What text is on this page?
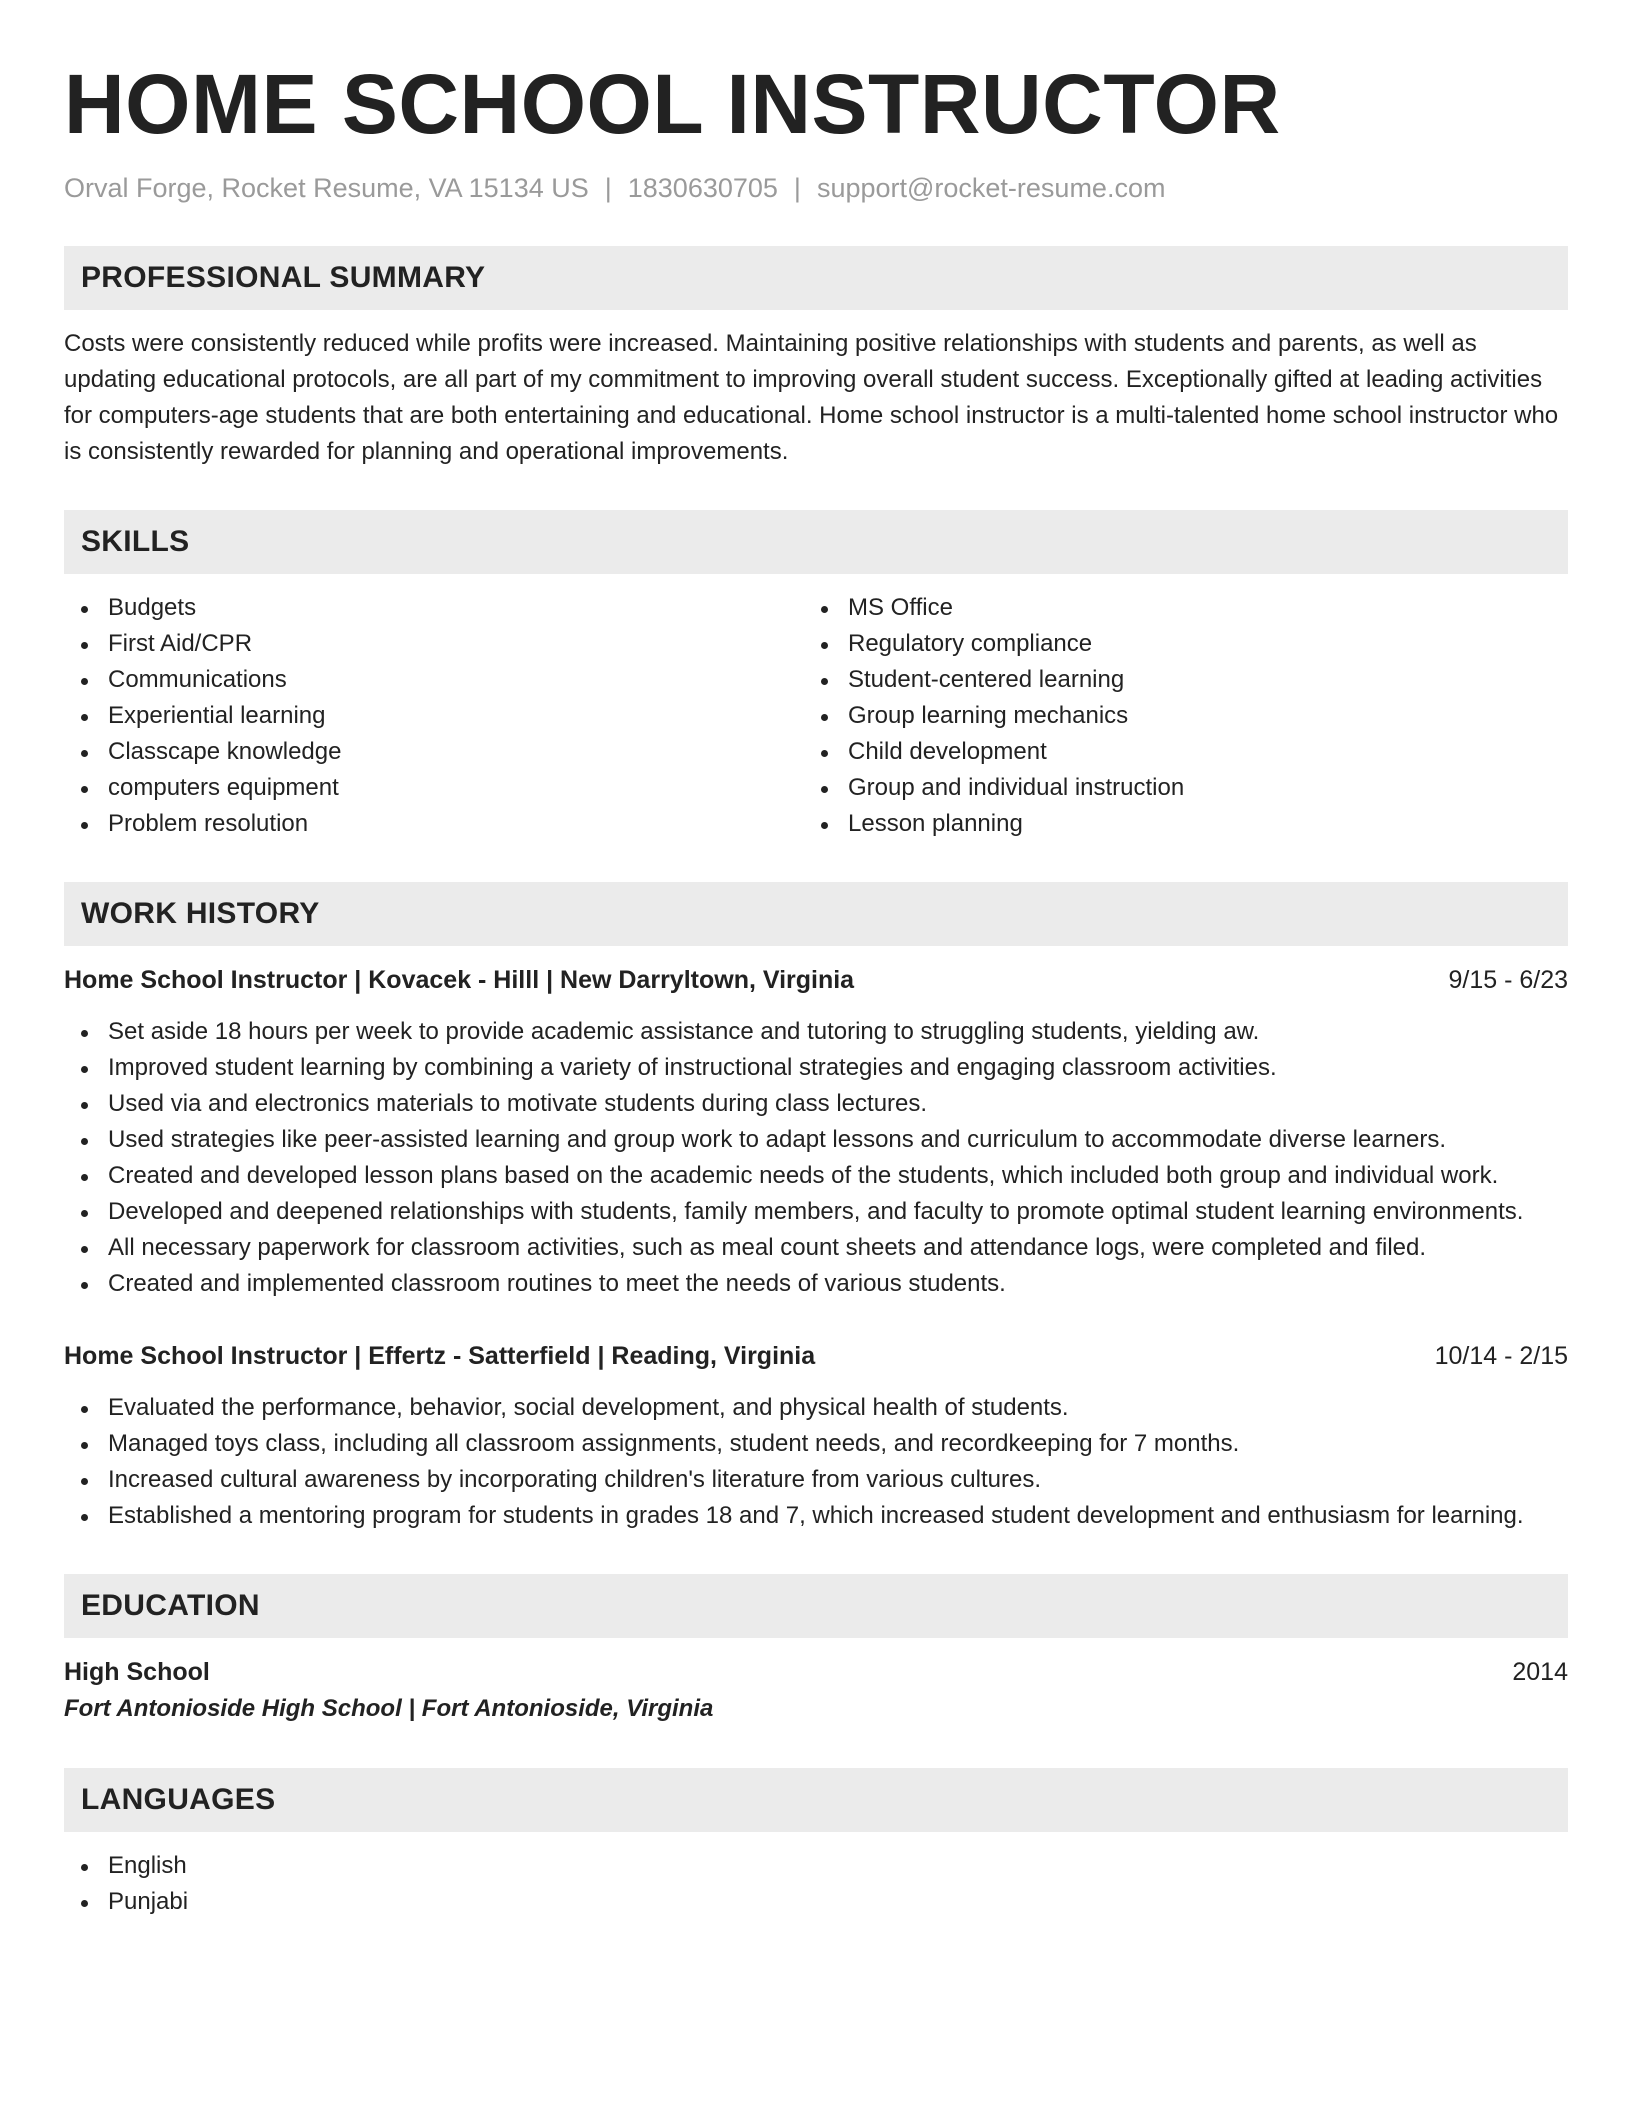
HOME SCHOOL INSTRUCTOR
Orval Forge, Rocket Resume, VA 15134 US | 1830630705 | support@rocket-resume.com
PROFESSIONAL SUMMARY
Costs were consistently reduced while profits were increased. Maintaining positive relationships with students and parents, as well as updating educational protocols, are all part of my commitment to improving overall student success. Exceptionally gifted at leading activities for computers-age students that are both entertaining and educational. Home school instructor is a multi-talented home school instructor who is consistently rewarded for planning and operational improvements.
SKILLS
Budgets
First Aid/CPR
Communications
Experiential learning
Classcape knowledge
computers equipment
Problem resolution
MS Office
Regulatory compliance
Student-centered learning
Group learning mechanics
Child development
Group and individual instruction
Lesson planning
WORK HISTORY
Home School Instructor | Kovacek - Hilll | New Darryltown, Virginia	9/15 - 6/23
Set aside 18 hours per week to provide academic assistance and tutoring to struggling students, yielding aw.
Improved student learning by combining a variety of instructional strategies and engaging classroom activities.
Used via and electronics materials to motivate students during class lectures.
Used strategies like peer-assisted learning and group work to adapt lessons and curriculum to accommodate diverse learners.
Created and developed lesson plans based on the academic needs of the students, which included both group and individual work.
Developed and deepened relationships with students, family members, and faculty to promote optimal student learning environments.
All necessary paperwork for classroom activities, such as meal count sheets and attendance logs, were completed and filed.
Created and implemented classroom routines to meet the needs of various students.
Home School Instructor | Effertz - Satterfield | Reading, Virginia	10/14 - 2/15
Evaluated the performance, behavior, social development, and physical health of students.
Managed toys class, including all classroom assignments, student needs, and recordkeeping for 7 months.
Increased cultural awareness by incorporating children's literature from various cultures.
Established a mentoring program for students in grades 18 and 7, which increased student development and enthusiasm for learning.
EDUCATION
High School	2014
Fort Antonioside High School | Fort Antonioside, Virginia
LANGUAGES
English
Punjabi
